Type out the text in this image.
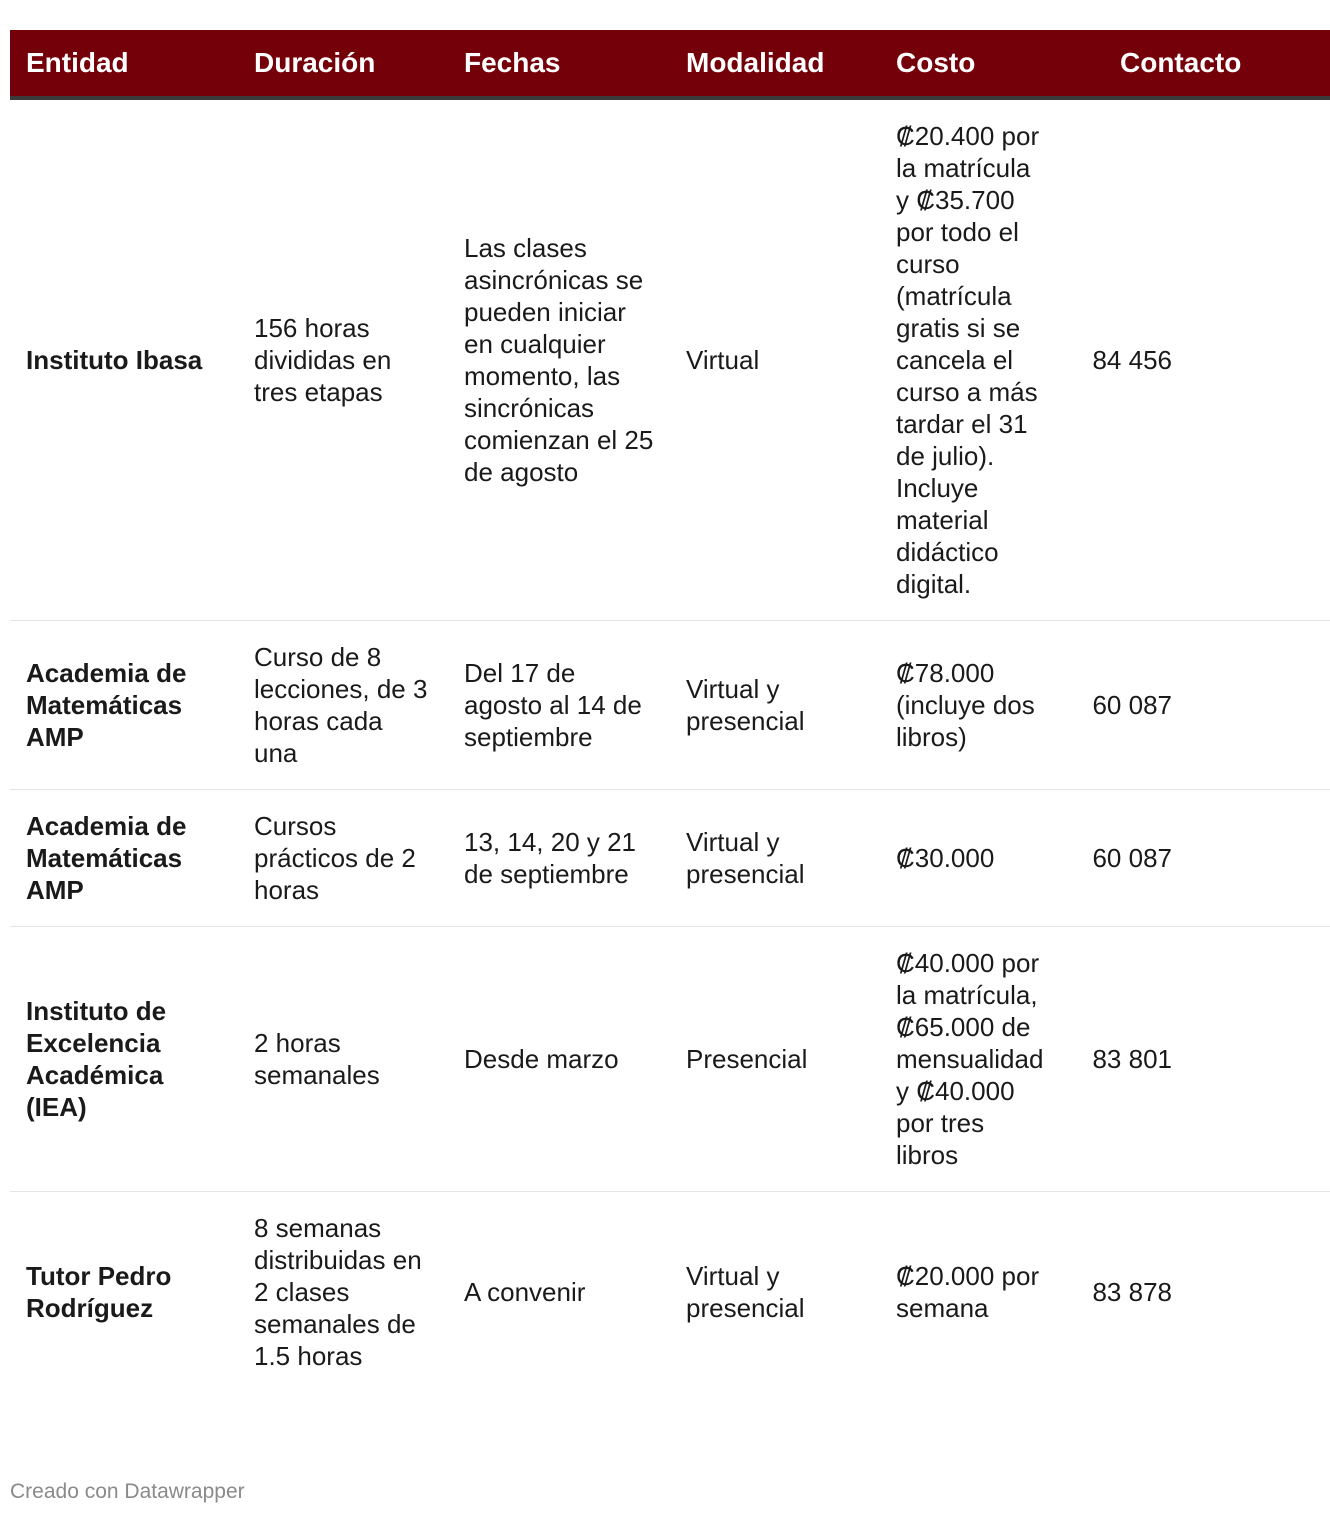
Entidad	Duración	Fechas	Modalidad	Costo	Contacto
Instituto Ibasa	156 horas divididas en tres etapas	Las clases asincrónicas se pueden iniciar en cualquier momento, las sincrónicas comienzan el 25 de agosto	Virtual	₡20.400 por la matrícula y ₡35.700 por todo el curso (matrícula gratis si se cancela el curso a más tardar el 31 de julio). Incluye material didáctico digital.	84 456
Academia de Matemáticas AMP	Curso de 8 lecciones, de 3 horas cada una	Del 17 de agosto al 14 de septiembre	Virtual y presencial	₡78.000 (incluye dos libros)	60 087
Academia de Matemáticas AMP	Cursos prácticos de 2 horas	13, 14, 20 y 21 de septiembre	Virtual y presencial	₡30.000	60 087
Instituto de Excelencia Académica (IEA)	2 horas semanales	Desde marzo	Presencial	₡40.000 por la matrícula, ₡65.000 de mensualidad y ₡40.000 por tres libros	83 801
Tutor Pedro Rodríguez	8 semanas distribuidas en 2 clases semanales de 1.5 horas	A convenir	Virtual y presencial	₡20.000 por semana	83 878
Creado con Datawrapper
